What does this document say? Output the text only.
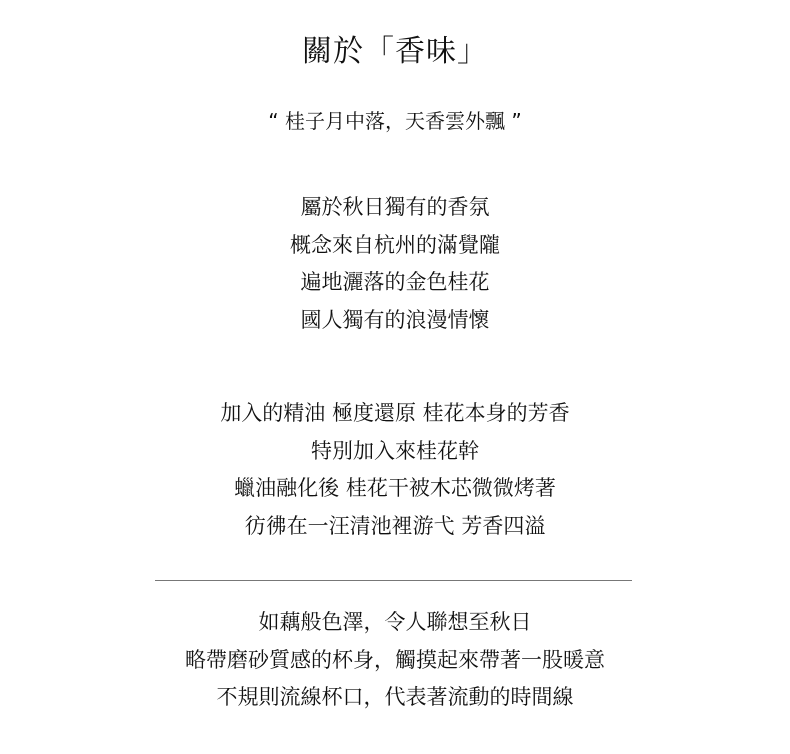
關於「香味」
“ 桂子月中落，天香雲外飄 ”
屬於秋日獨有的香氛
概念來自杭州的滿覺隴
遍地灑落的金色桂花
國人獨有的浪漫情懷
加入的精油 極度還原 桂花本身的芳香
特別加入來桂花幹
蠟油融化後 桂花干被木芯微微烤著
彷彿在一汪清池裡游弋 芳香四溢
如藕般色澤，令人聯想至秋日
略帶磨砂質感的杯身，觸摸起來帶著一股暖意
不規則流線杯口，代表著流動的時間線
